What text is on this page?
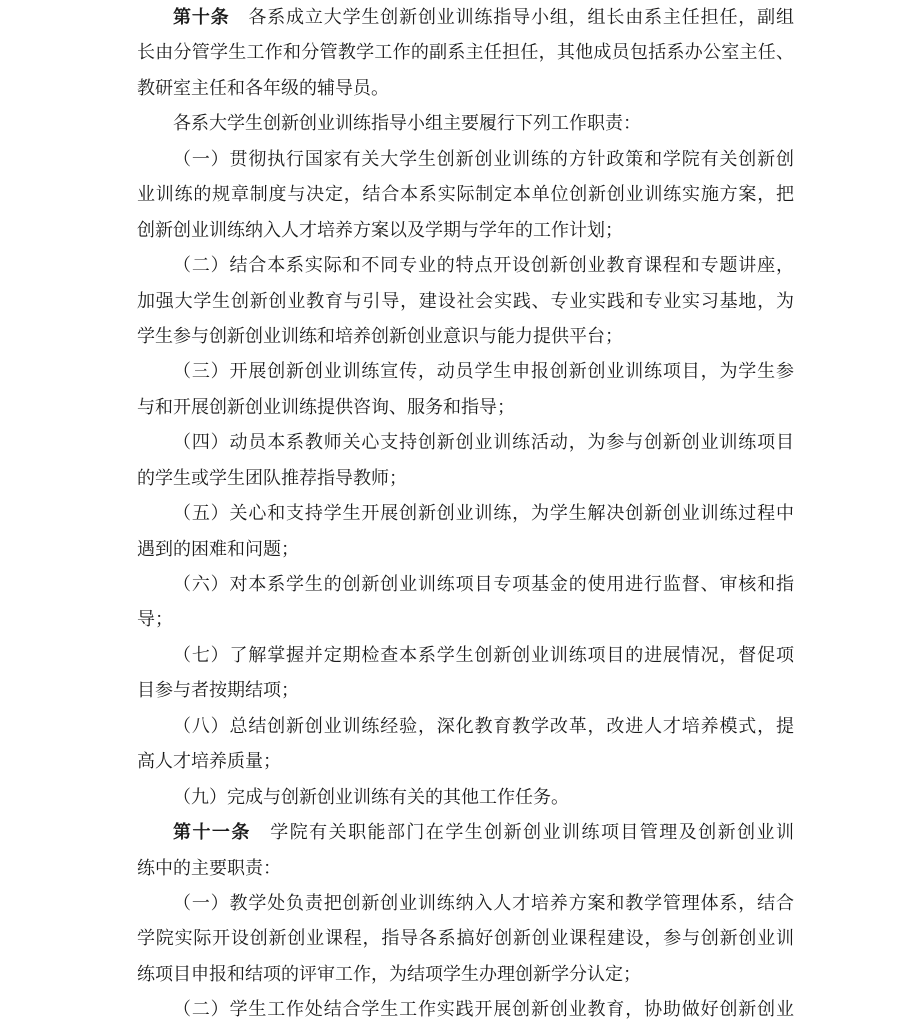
第十条　各系成立大学生创新创业训练指导小组，组长由系主任担任，副组
长由分管学生工作和分管教学工作的副系主任担任，其他成员包括系办公室主任、
教研室主任和各年级的辅导员。
各系大学生创新创业训练指导小组主要履行下列工作职责：
（一）贯彻执行国家有关大学生创新创业训练的方针政策和学院有关创新创
业训练的规章制度与决定，结合本系实际制定本单位创新创业训练实施方案，把
创新创业训练纳入人才培养方案以及学期与学年的工作计划；
（二）结合本系实际和不同专业的特点开设创新创业教育课程和专题讲座，
加强大学生创新创业教育与引导，建设社会实践、专业实践和专业实习基地，为
学生参与创新创业训练和培养创新创业意识与能力提供平台；
（三）开展创新创业训练宣传，动员学生申报创新创业训练项目，为学生参
与和开展创新创业训练提供咨询、服务和指导；
（四）动员本系教师关心支持创新创业训练活动，为参与创新创业训练项目
的学生或学生团队推荐指导教师；
（五）关心和支持学生开展创新创业训练，为学生解决创新创业训练过程中
遇到的困难和问题；
（六）对本系学生的创新创业训练项目专项基金的使用进行监督、审核和指
导；
（七）了解掌握并定期检查本系学生创新创业训练项目的进展情况，督促项
目参与者按期结项；
（八）总结创新创业训练经验，深化教育教学改革，改进人才培养模式，提
高人才培养质量；
（九）完成与创新创业训练有关的其他工作任务。
第十一条　学院有关职能部门在学生创新创业训练项目管理及创新创业训
练中的主要职责：
（一）教学处负责把创新创业训练纳入人才培养方案和教学管理体系，结合
学院实际开设创新创业课程，指导各系搞好创新创业课程建设，参与创新创业训
练项目申报和结项的评审工作，为结项学生办理创新学分认定；
（二）学生工作处结合学生工作实践开展创新创业教育，协助做好创新创业
